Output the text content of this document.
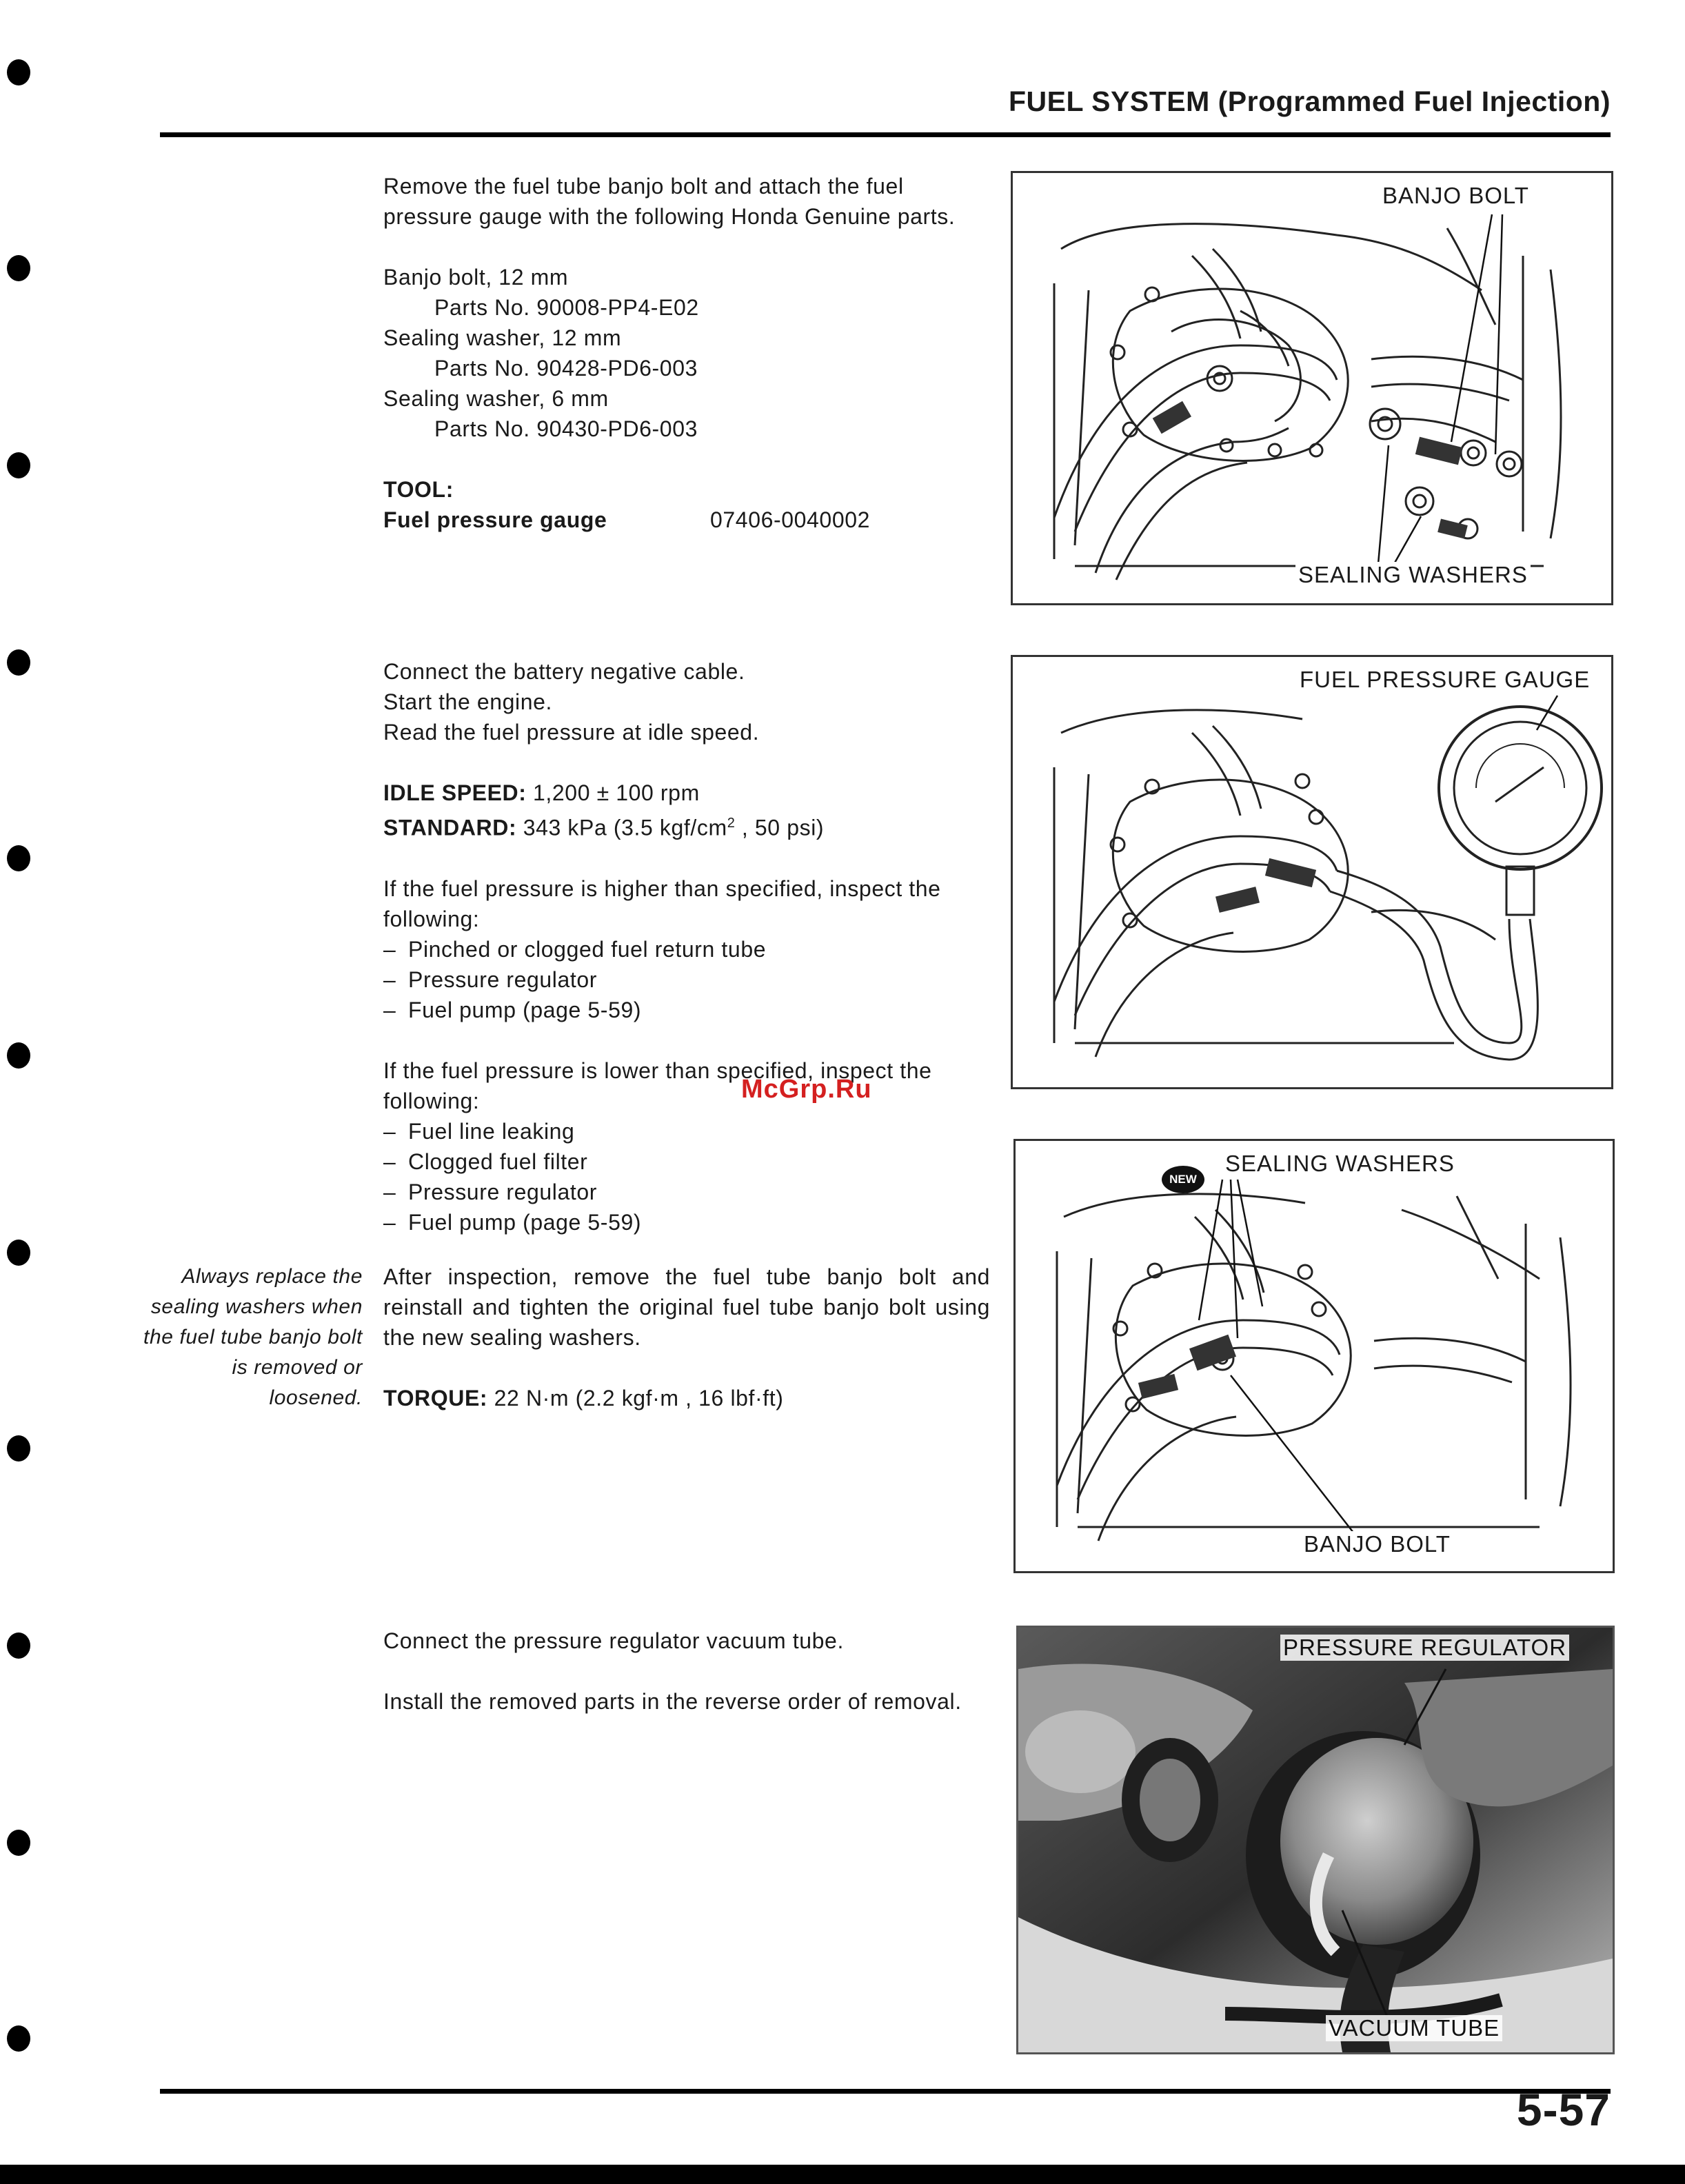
FUEL SYSTEM (Programmed Fuel Injection)

Remove the fuel tube banjo bolt and attach the fuel pressure gauge with the following Honda Genuine parts.

Banjo bolt, 12 mm
Parts No. 90008-PP4-E02
Sealing washer, 12 mm
Parts No. 90428-PD6-003
Sealing washer, 6 mm
Parts No. 90430-PD6-003
TOOL:
Fuel pressure gauge	07406-0040002
Connect the battery negative cable.
Start the engine.
Read the fuel pressure at idle speed.
IDLE SPEED: 1,200 ± 100 rpm
STANDARD: 343 kPa (3.5 kgf/$cm^2$ , 50 psi)

If the fuel pressure is higher than specified, inspect the following:

– Pinched or clogged fuel return tube
– Pressure regulator
– Fuel pump (page 5-59)

If the fuel pressure is lower than specified, inspect the following:

– Fuel line leaking
– Clogged fuel filter
– Pressure regulator
– Fuel pump (page 5-59)
McGrp.Ru
Always replace the sealing washers when the fuel tube banjo bolt is removed or loosened.

After inspection, remove the fuel tube banjo bolt and reinstall and tighten the original fuel tube banjo bolt using the new sealing washers.

TORQUE: 22 N·m (2.2 kgf·m , 16 lbf·ft)

Connect the pressure regulator vacuum tube.

Install the removed parts in the reverse order of removal.

BANJO BOLT
SEALING WASHERS
FUEL PRESSURE GAUGE
NEW
SEALING WASHERS
BANJO BOLT
PRESSURE REGULATOR
VACUUM TUBE
5-57
